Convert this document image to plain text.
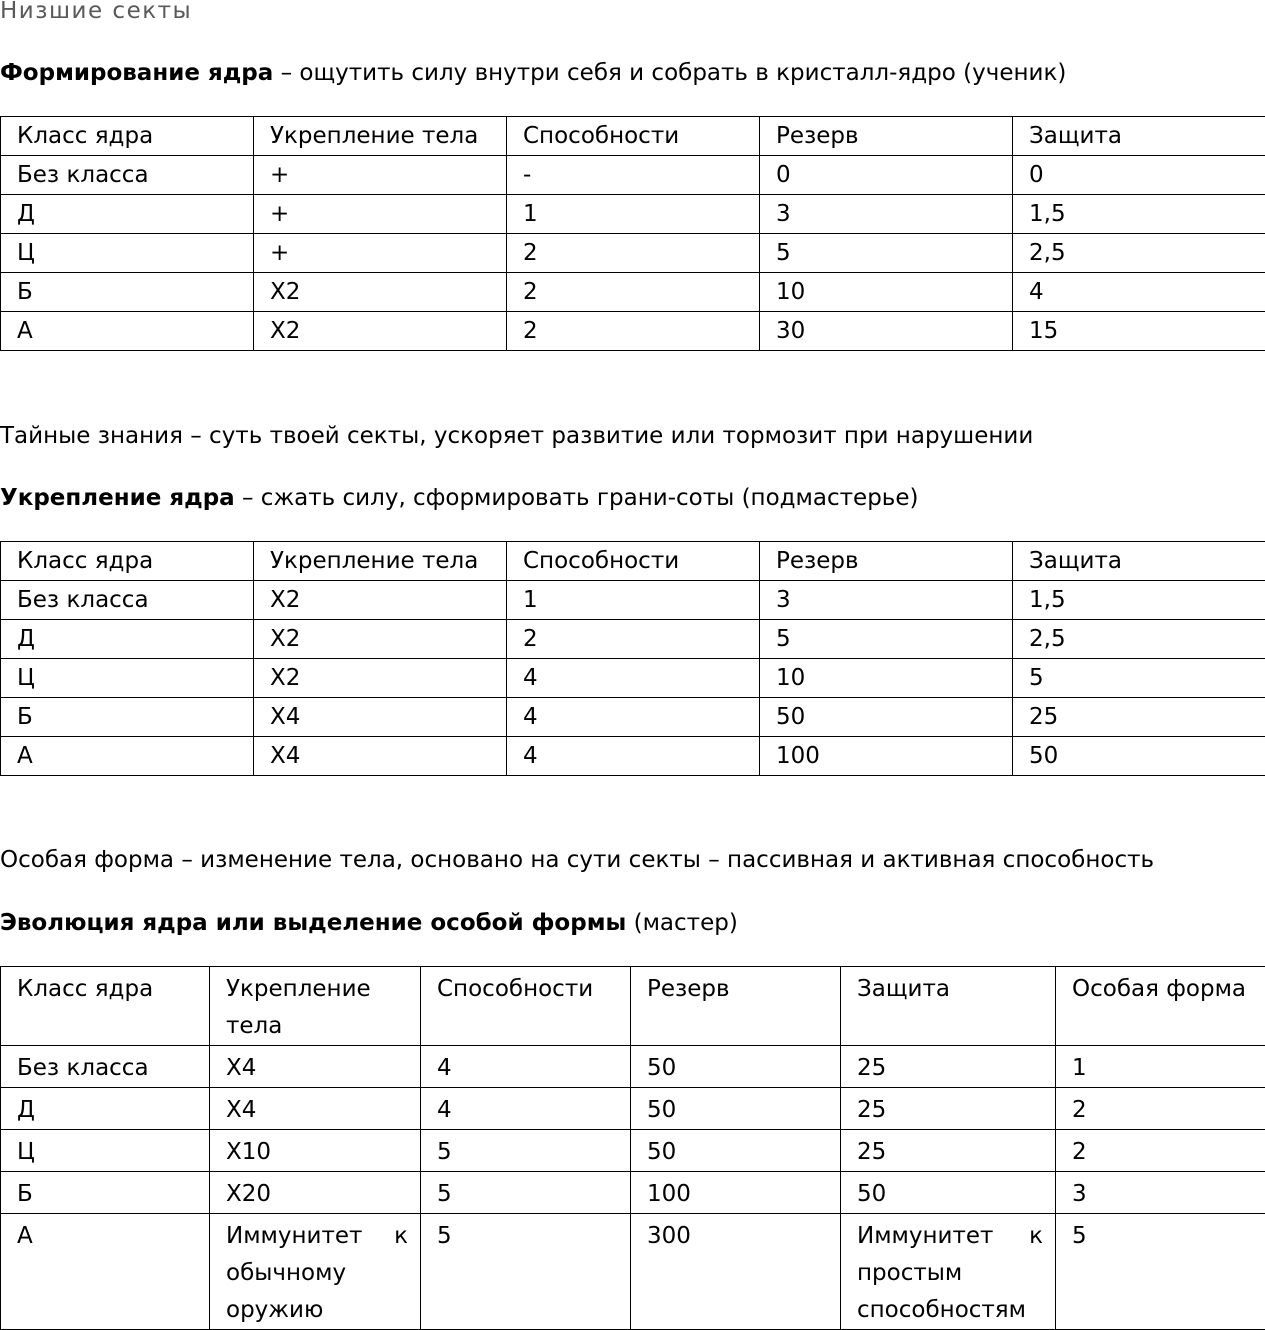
Низшие секты
Формирование ядра – ощутить силу внутри себя и собрать в кристалл-ядро (ученик)
Класс ядра	Укрепление тела	Способности	Резерв	Защита
Без класса	+	-	0	0
Д	+	1	3	1,5
Ц	+	2	5	2,5
Б	Х2	2	10	4
А	Х2	2	30	15
Тайные знания – суть твоей секты, ускоряет развитие или тормозит при нарушении
Укрепление ядра – сжать силу, сформировать грани-соты (подмастерье)
Класс ядра	Укрепление тела	Способности	Резерв	Защита
Без класса	Х2	1	3	1,5
Д	Х2	2	5	2,5
Ц	Х2	4	10	5
Б	Х4	4	50	25
А	Х4	4	100	50
Особая форма – изменение тела, основано на сути секты – пассивная и активная способность
Эволюция ядра или выделение особой формы (мастер)
Класс ядра	Укрепление тела	Способности	Резерв	Защита	Особая форма
Без класса	Х4	4	50	25	1
Д	Х4	4	50	25	2
Ц	Х10	5	50	25	2
Б	Х20	5	100	50	3
А	Иммунитет к обычному оружию	5	300	Иммунитет к простым способностям	5
